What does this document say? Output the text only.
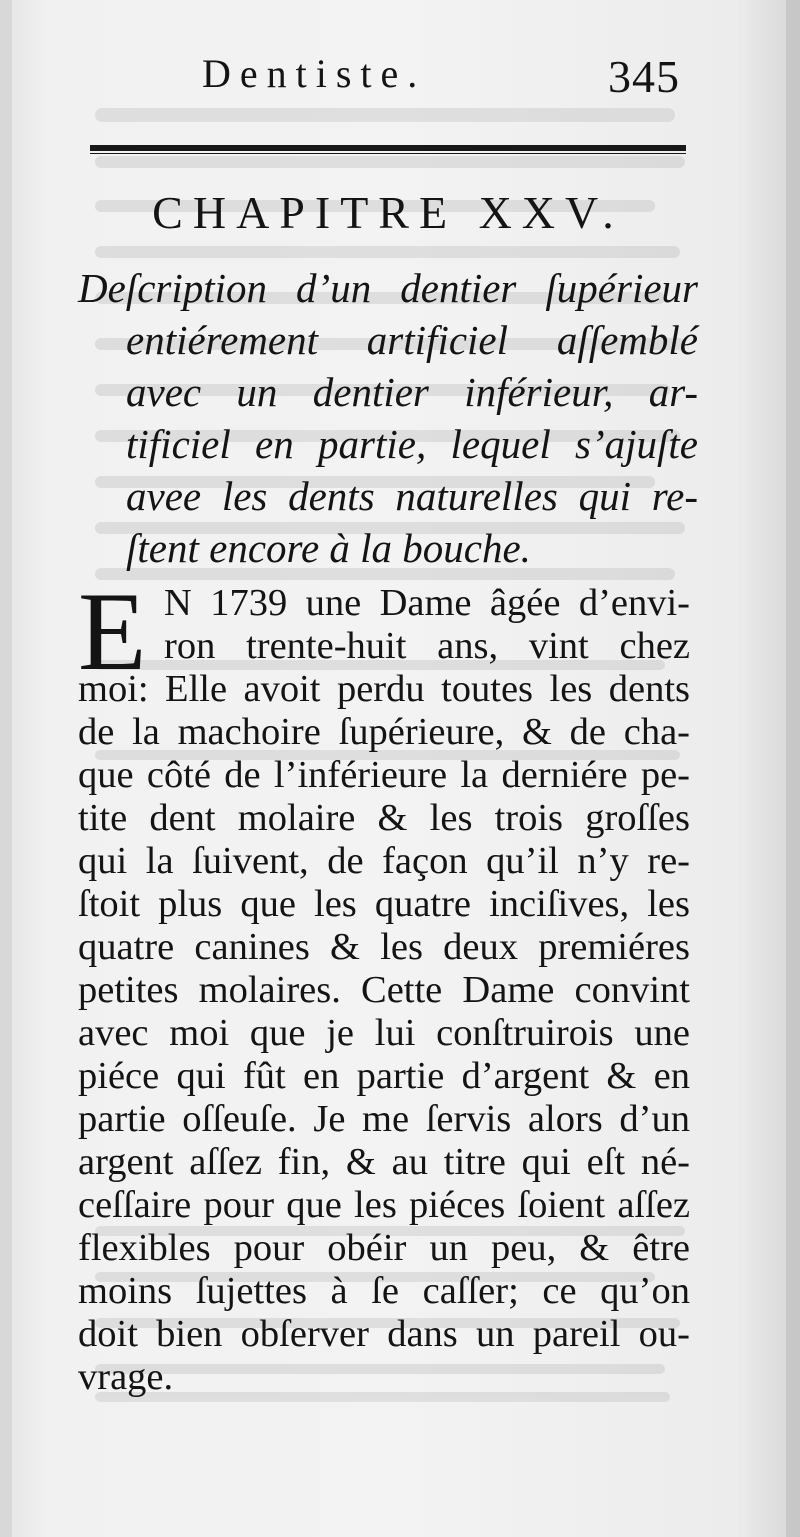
Dentiste.	345
CHAPITRE XXV.
Deſcription d’un dentier ſupérieur
entiérement artificiel aſſemblé
avec un dentier inférieur, ar-
tificiel en partie, lequel s’ajuſte
avee les dents naturelles qui re-
ſtent encore à la bouche.
E N 1739 une Dame âgée d’envi-
ron trente-huit ans, vint chez
moi: Elle avoit perdu toutes les dents
de la machoire ſupérieure, & de cha-
que côté de l’inférieure la derniére pe-
tite dent molaire & les trois groſſes
qui la ſuivent, de façon qu’il n’y re-
ſtoit plus que les quatre inciſives, les
quatre canines & les deux premiéres
petites molaires. Cette Dame convint
avec moi que je lui conſtruirois une
piéce qui fût en partie d’argent & en
partie oſſeuſe. Je me ſervis alors d’un
argent aſſez fin, & au titre qui eſt né-
ceſſaire pour que les piéces ſoient aſſez
flexibles pour obéir un peu, & être
moins ſujettes à ſe caſſer; ce qu’on
doit bien obſerver dans un pareil ou-
vrage.
